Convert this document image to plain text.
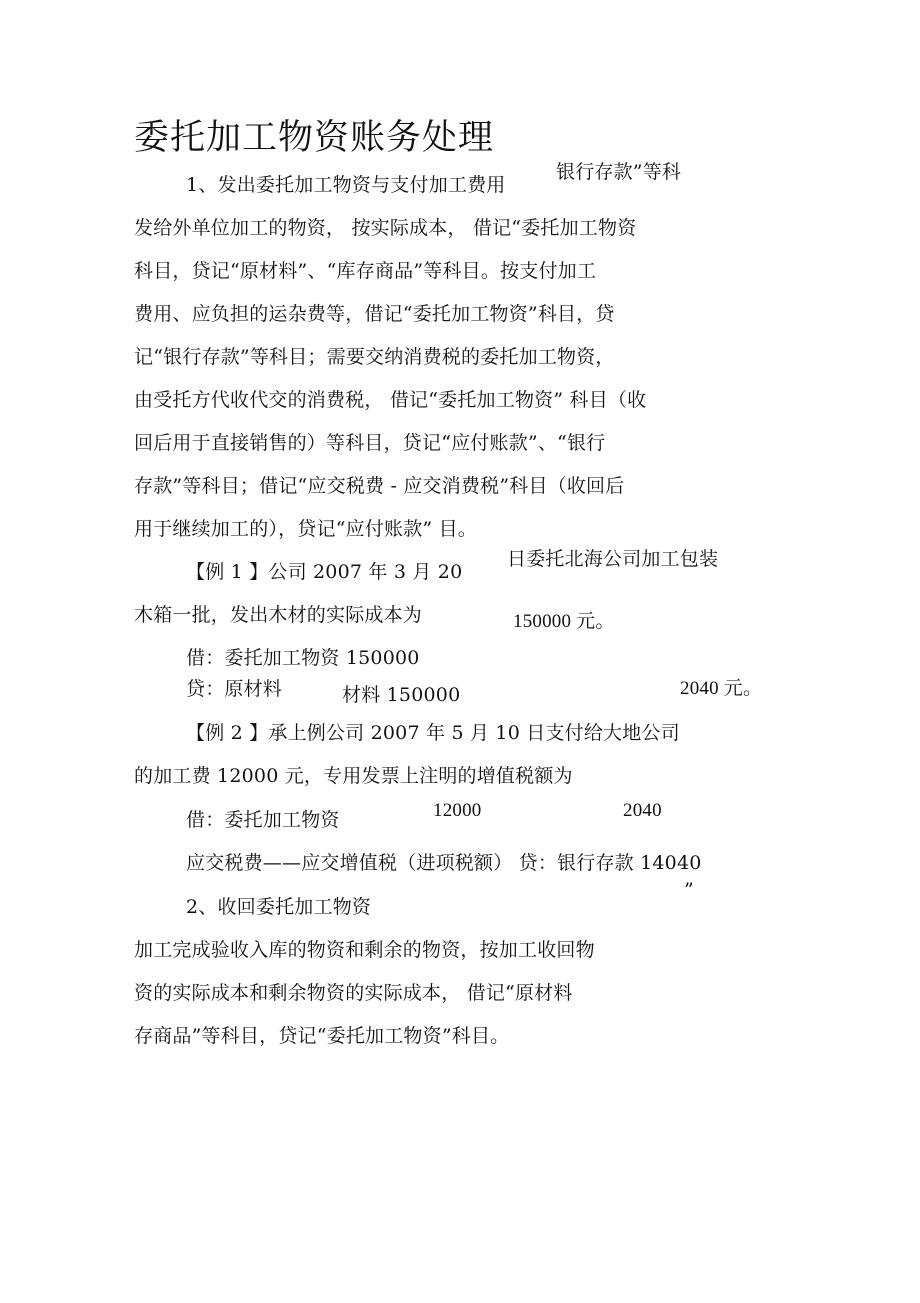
委托加工物资账务处理
1、发出委托加工物资与支付加工费用
银行存款”等科
发给外单位加工的物资， 按实际成本， 借记“委托加工物资
科目，贷记“原材料”、“库存商品”等科目。按支付加工
费用、应负担的运杂费等，借记“委托加工物资”科目，贷
记“银行存款”等科目；需要交纳消费税的委托加工物资，
由受托方代收代交的消费税， 借记“委托加工物资” 科目（收
回后用于直接销售的）等科目，贷记“应付账款”、“银行
存款”等科目；借记“应交税费 - 应交消费税”科目（收回后
用于继续加工的），贷记“应付账款” 目。
【例 1 】公司 2007 年 3 月 20
日委托北海公司加工包装
木箱一批，发出木材的实际成本为	150000 元。
借：委托加工物资 150000
贷：原材料	材料 150000	2040 元。
【例 2 】承上例公司 2007 年 5 月 10 日支付给大地公司
的加工费 12000 元，专用发票上注明的增值税额为
借：委托加工物资	12000	2040
应交税费——应交增值税（进项税额） 贷：银行存款 14040
”
2、收回委托加工物资
加工完成验收入库的物资和剩余的物资，按加工收回物
资的实际成本和剩余物资的实际成本， 借记“原材料
存商品”等科目，贷记“委托加工物资”科目。
